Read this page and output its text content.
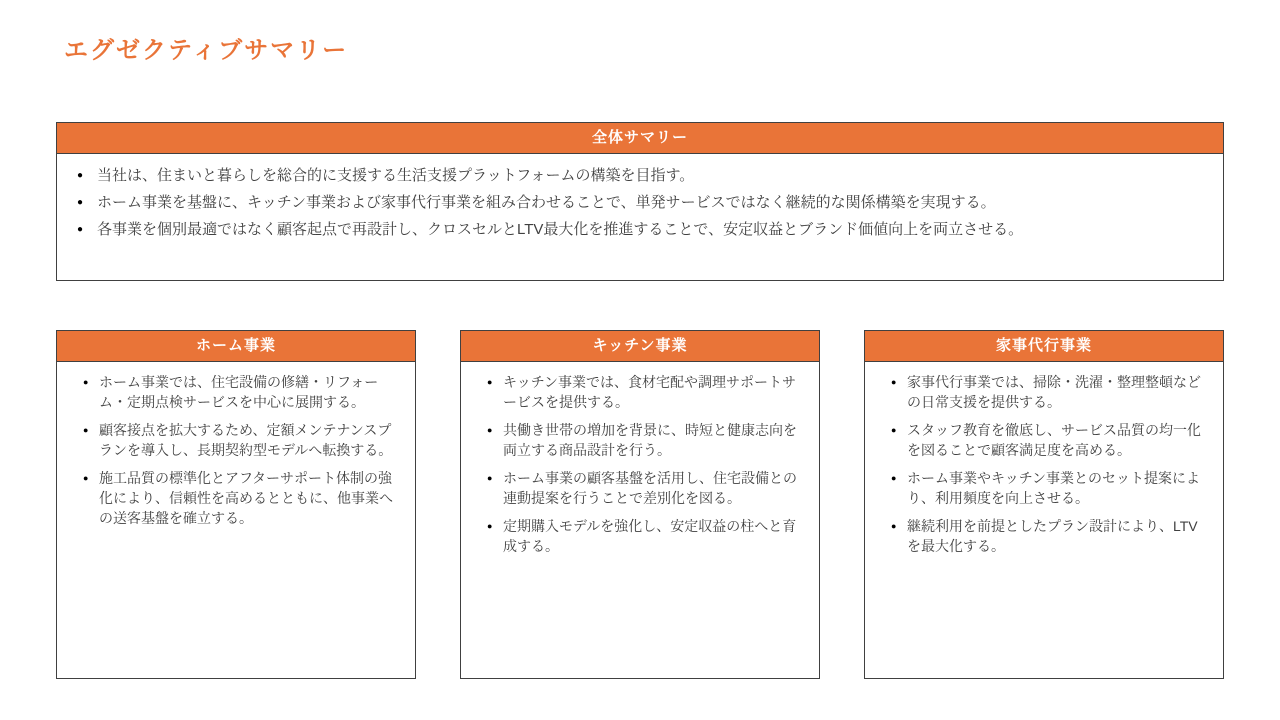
エグゼクティブサマリー
全体サマリー
● 当社は、住まいと暮らしを総合的に支援する生活支援プラットフォームの構築を目指す。
● ホーム事業を基盤に、キッチン事業および家事代行事業を組み合わせることで、単発サービスではなく継続的な関係構築を実現する。
● 各事業を個別最適ではなく顧客起点で再設計し、クロスセルとLTV最大化を推進することで、安定収益とブランド価値向上を両立させる。
ホーム事業
● ホーム事業では、住宅設備の修繕・リフォーム・定期点検サービスを中心に展開する。
● 顧客接点を拡大するため、定額メンテナンスプランを導入し、長期契約型モデルへ転換する。
● 施工品質の標準化とアフターサポート体制の強化により、信頼性を高めるとともに、他事業への送客基盤を確立する。
キッチン事業
● キッチン事業では、食材宅配や調理サポートサービスを提供する。
● 共働き世帯の増加を背景に、時短と健康志向を両立する商品設計を行う。
● ホーム事業の顧客基盤を活用し、住宅設備との連動提案を行うことで差別化を図る。
● 定期購入モデルを強化し、安定収益の柱へと育成する。
家事代行事業
● 家事代行事業では、掃除・洗濯・整理整頓などの日常支援を提供する。
● スタッフ教育を徹底し、サービス品質の均一化を図ることで顧客満足度を高める。
● ホーム事業やキッチン事業とのセット提案により、利用頻度を向上させる。
● 継続利用を前提としたプラン設計により、LTVを最大化する。
